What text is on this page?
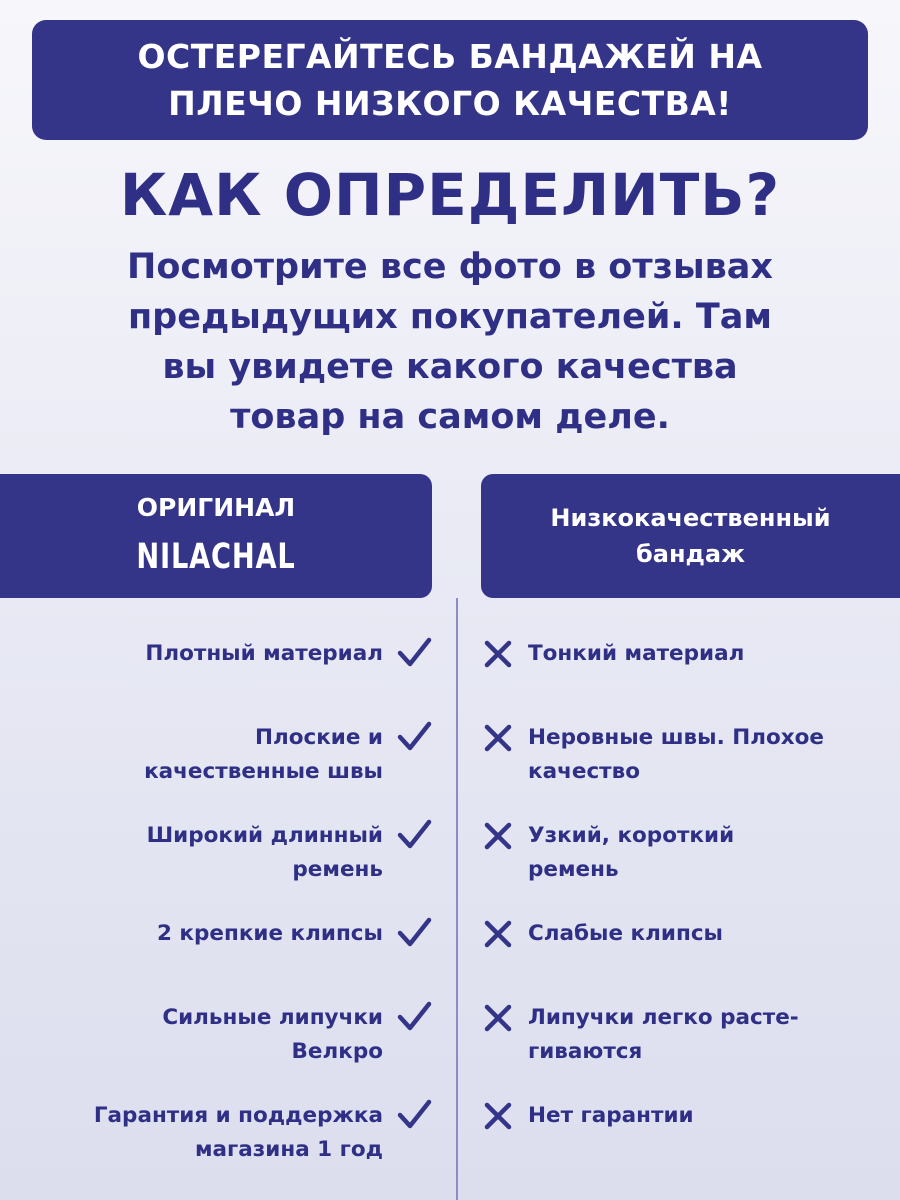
ОСТЕРЕГАЙТЕСЬ БАНДАЖЕЙ НА
ПЛЕЧО НИЗКОГО КАЧЕСТВА!
КАК ОПРЕДЕЛИТЬ?
Посмотрите все фото в отзывах
предыдущих покупателей. Там
вы увидете какого качества
товар на самом деле.
ОРИГИНАЛ
NILACHAL
Низкокачественный
бандаж
Плотный материал	Тонкий материал
Плоские и
качественные швы
Неровные швы. Плохое
качество
Широкий длинный
ремень
Узкий, короткий
ремень
2 крепкие клипсы	Слабые клипсы
Сильные липучки
Велкро
Липучки легко расте-
гиваются
Гарантия и поддержка
магазина 1 год
Нет гарантии
